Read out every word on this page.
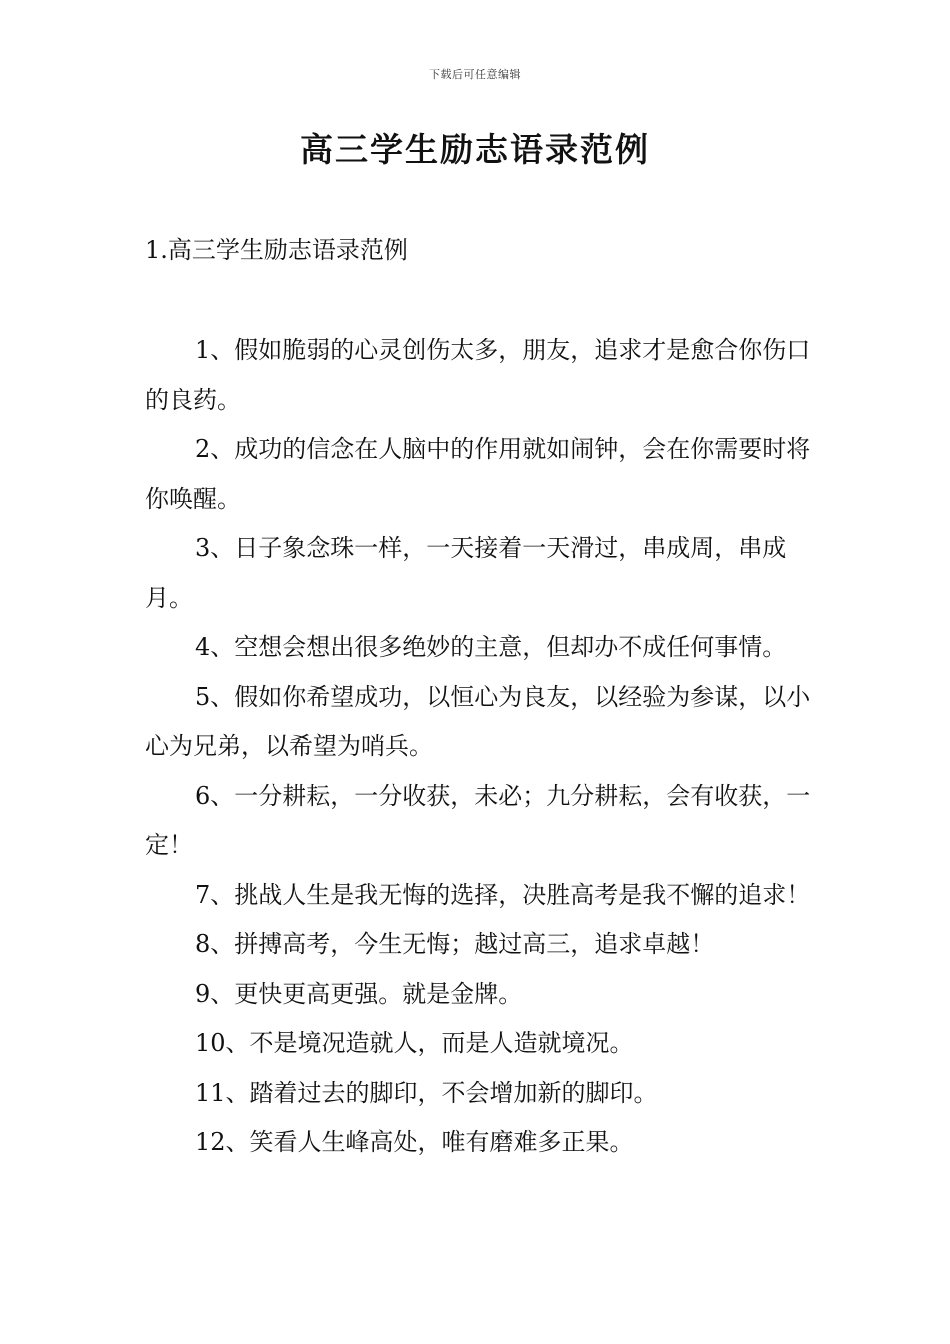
下载后可任意编辑
高三学生励志语录范例
1.高三学生励志语录范例
1、假如脆弱的心灵创伤太多，朋友，追求才是愈合你伤口的良药。
2、成功的信念在人脑中的作用就如闹钟，会在你需要时将你唤醒。
3、日子象念珠一样，一天接着一天滑过，串成周，串成月。
4、空想会想出很多绝妙的主意，但却办不成任何事情。
5、假如你希望成功，以恒心为良友，以经验为参谋，以小心为兄弟，以希望为哨兵。
6、一分耕耘，一分收获，未必；九分耕耘，会有收获，一定！
7、挑战人生是我无悔的选择，决胜高考是我不懈的追求！
8、拼搏高考，今生无悔；越过高三，追求卓越！
9、更快更高更强。就是金牌。
10、不是境况造就人，而是人造就境况。
11、踏着过去的脚印，不会增加新的脚印。
12、笑看人生峰高处，唯有磨难多正果。
